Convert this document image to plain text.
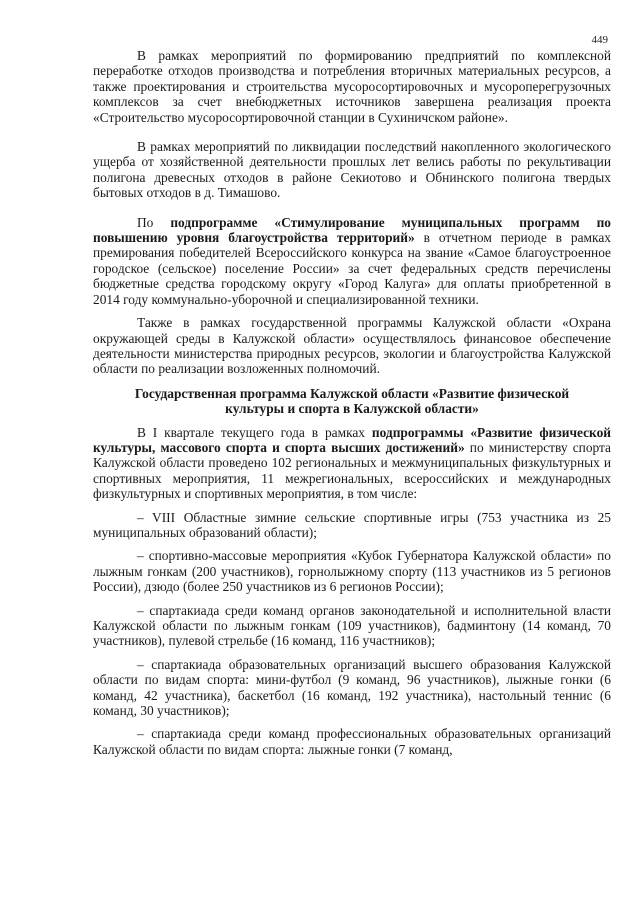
449

В рамках мероприятий по формированию предприятий по комплексной переработке отходов производства и потребления вторичных материальных ресурсов, а также проектирования и строительства мусоросортировочных и мусороперегрузочных комплексов за счет внебюджетных источников завершена реализация проекта «Строительство мусоросортировочной станции в Сухиничском районе».

В рамках мероприятий по ликвидации последствий накопленного экологического ущерба от хозяйственной деятельности прошлых лет велись работы по рекультивации полигона древесных отходов в районе Секиотово и Обнинского полигона твердых бытовых отходов в д. Тимашово.

По подпрограмме «Стимулирование муниципальных программ по повышению уровня благоустройства территорий» в отчетном периоде в рамках премирования победителей Всероссийского конкурса на звание «Самое благоустроенное городское (сельское) поселение России» за счет федеральных средств перечислены бюджетные средства городскому округу «Город Калуга» для оплаты приобретенной в 2014 году коммунально-уборочной и специализированной техники.

Также в рамках государственной программы Калужской области «Охрана окружающей среды в Калужской области» осуществлялось финансовое обеспечение деятельности министерства природных ресурсов, экологии и благоустройства Калужской области по реализации возложенных полномочий.

Государственная программа Калужской области «Развитие физической культуры и спорта в Калужской области»

В I квартале текущего года в рамках подпрограммы «Развитие физической культуры, массового спорта и спорта высших достижений» по министерству спорта Калужской области проведено 102 региональных и межмуниципальных физкультурных и спортивных мероприятия, 11 межрегиональных, всероссийских и международных физкультурных и спортивных мероприятия, в том числе:

– VIII Областные зимние сельские спортивные игры (753 участника из 25 муниципальных образований области);

– спортивно-массовые мероприятия «Кубок Губернатора Калужской области» по лыжным гонкам (200 участников), горнолыжному спорту (113 участников из 5 регионов России), дзюдо (более 250 участников из 6 регионов России);

– спартакиада среди команд органов законодательной и исполнительной власти Калужской области по лыжным гонкам (109 участников), бадминтону (14 команд, 70 участников), пулевой стрельбе (16 команд, 116 участников);

– спартакиада образовательных организаций высшего образования Калужской области по видам спорта: мини-футбол (9 команд, 96 участников), лыжные гонки (6 команд, 42 участника), баскетбол (16 команд, 192 участника), настольный теннис (6 команд, 30 участников);

– спартакиада среди команд профессиональных образовательных организаций Калужской области по видам спорта: лыжные гонки (7 команд,
